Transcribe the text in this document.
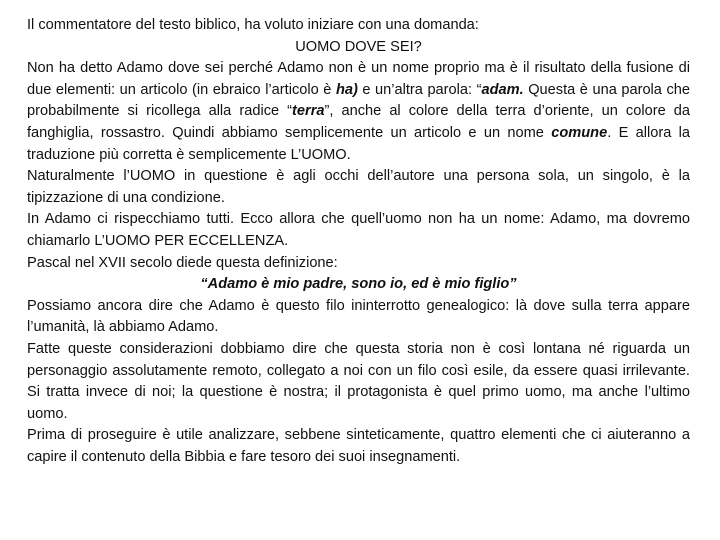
Il commentatore del testo biblico, ha voluto iniziare con una domanda:

UOMO DOVE SEI?

Non ha detto Adamo dove sei perché Adamo non è un nome proprio ma è il risultato della fusione di due elementi: un articolo (in ebraico l’articolo è ha) e un’altra parola: “adam. Questa è una parola che probabilmente si ricollega alla radice “terra”, anche al colore della terra d’oriente, un colore da fanghiglia, rossastro. Quindi abbiamo semplicemente un articolo e un nome comune. E allora la traduzione più corretta è semplicemente L’UOMO.

Naturalmente l’UOMO in questione è agli occhi dell’autore una persona sola, un singolo, è la tipizzazione di una condizione.

In Adamo ci rispecchiamo tutti. Ecco allora che quell’uomo non ha un nome: Adamo, ma dovremo chiamarlo L’UOMO PER ECCELLENZA.

Pascal nel XVII secolo diede questa definizione:

“Adamo è mio padre, sono io, ed è mio figlio”

Possiamo ancora dire che Adamo è questo filo ininterrotto genealogico: là dove sulla terra appare l’umanità, là abbiamo Adamo.

Fatte queste considerazioni dobbiamo dire che questa storia non è così lontana né riguarda un personaggio assolutamente remoto, collegato a noi con un filo così esile, da essere quasi irrilevante. Si tratta invece di noi; la questione è nostra; il protagonista è quel primo uomo, ma anche l’ultimo uomo.

Prima di proseguire è utile analizzare, sebbene sinteticamente, quattro elementi che ci aiuteranno a capire il contenuto della Bibbia e fare tesoro dei suoi insegnamenti.
